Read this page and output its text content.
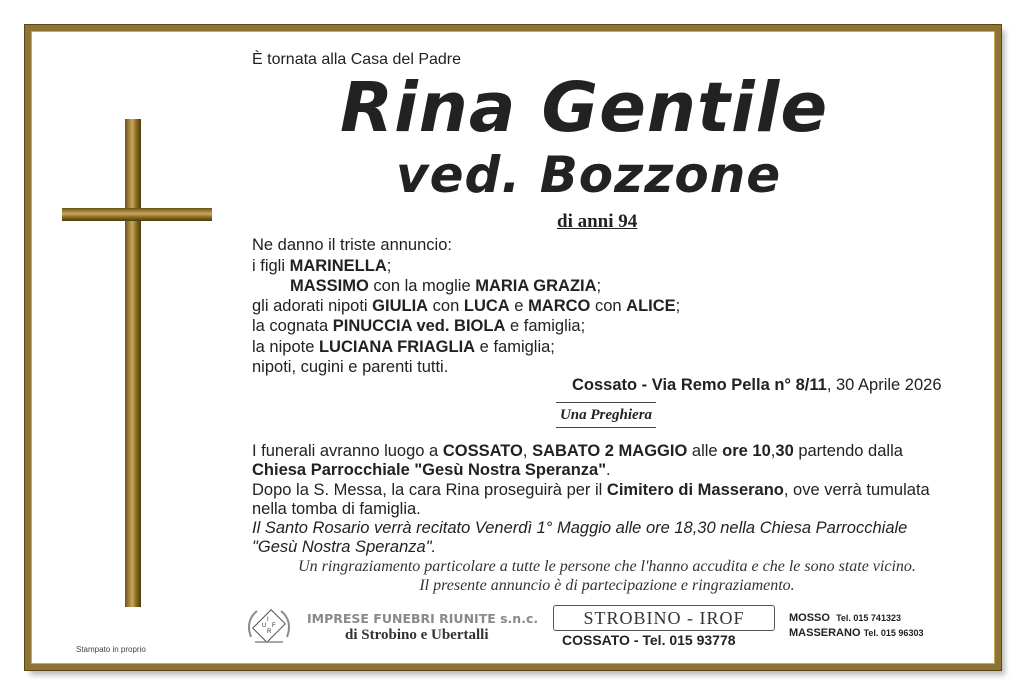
È tornata alla Casa del Padre
Rina Gentile
ved. Bozzone
di anni 94
Ne danno il triste annuncio:
i figli MARINELLA;
MASSIMO con la moglie MARIA GRAZIA;
gli adorati nipoti GIULIA con LUCA e MARCO con ALICE;
la cognata PINUCCIA ved. BIOLA e famiglia;
la nipote LUCIANA FRIAGLIA e famiglia;
nipoti, cugini e parenti tutti.
Cossato - Via Remo Pella n° 8/11, 30 Aprile 2026
Una Preghiera
I funerali avranno luogo a COSSATO, SABATO 2 MAGGIO alle ore 10,30 partendo dalla
Chiesa Parrocchiale "Gesù Nostra Speranza".
Dopo la S. Messa, la cara Rina proseguirà per il Cimitero di Masserano, ove verrà tumulata
nella tomba di famiglia.
Il Santo Rosario verrà recitato Venerdì 1° Maggio alle ore 18,30 nella Chiesa Parrocchiale
"Gesù Nostra Speranza".
Un ringraziamento particolare a tutte le persone che l'hanno accudita e che le sono state vicino.
Il presente annuncio è di partecipazione e ringraziamento.
Stampato in proprio
I
F
R
U	IMPRESE FUNEBRI RIUNITE s.n.c.
di Strobino e Ubertalli
STROBINO - IROF
COSSATO - Tel. 015 93778
MOSSO Tel. 015 741323
MASSERANO Tel. 015 96303
